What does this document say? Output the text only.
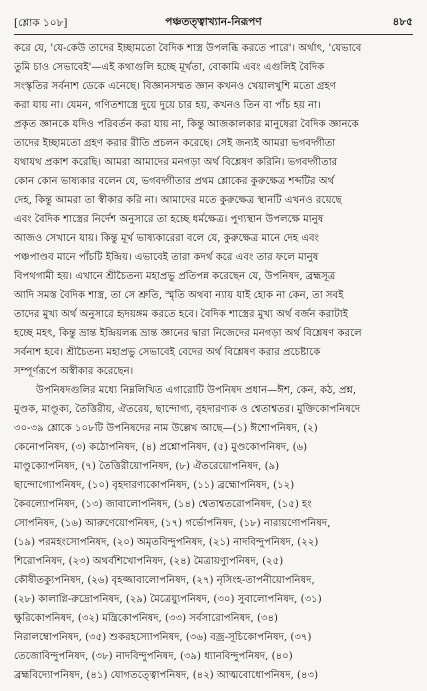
[শ্লোক ১০৮]	পঞ্চতত্ত্বাখ্যান-নিরূপণ	৪৮৫
করে যে, 'যে-কেউ তাদের ইচ্ছামতো বৈদিক শাস্ত্র উপলব্ধি করতে পারে'। অর্থাৎ, 'যেভাবে
তুমি চাও সেভাবেই'—এই কথাগুলি হচ্ছে মূর্খতা, বোকামি এবং এগুলিই বৈদিক
সংস্কৃতির সর্বনাশ ডেকে এনেছে। বিজ্ঞানসম্মত জ্ঞান কখনও খেয়ালখুশি মতো গ্রহণ
করা যায় না। যেমন, গণিতশাস্ত্রে দুয়ে দুয়ে চার হয়, কখনও তিন বা পাঁচ হয় না।
প্রকৃত জ্ঞানকে যদিও পরিবর্তন করা যায় না, কিন্তু আজকালকার মানুষেরা বৈদিক জ্ঞানকে
তাদের ইচ্ছামতো গ্রহণ করার রীতি প্রচলন করেছে। সেই জন্যই আমরা ভগবদ্গীতা
যথাযথ প্রকাশ করেছি। আমরা আমাদের মনগড়া অর্থ বিশ্লেষণ করিনি। ভগবদ্গীতার
কোন কোন ভাষ্যকার বলেন যে, ভগবদ্গীতার প্রথম শ্লোকের কুরুক্ষেত্র শব্দটির অর্থ
দেহ, কিন্তু আমরা তা স্বীকার করি না। আমাদের মতে কুরুক্ষেত্র স্থানটি এখনও রয়েছে
এবং বৈদিক শাস্ত্রের নির্দেশ অনুসারে তা হচ্ছে ধর্মক্ষেত্র। পুণ্যস্থান উপলক্ষে মানুষ
আজও সেখানে যায়। কিন্তু মূর্খ ভাষ্যকারেরা বলে যে, কুরুক্ষেত্র মানে দেহ এবং
পঞ্চপাণ্ডব মানে পাঁচটি ইন্দ্রিয়। এভাবেই তারা কদর্থ করে এবং তার ফলে মানুষ
বিপথগামী হয়। এখানে শ্রীচৈতন্য মহাপ্রভু প্রতিপন্ন করেছেন যে, উপনিষদ, ব্রহ্মসূত্র
আদি সমস্ত বৈদিক শাস্ত্র, তা সে শ্রুতি, স্মৃতি অথবা ন্যায় যাই হোক না কেন, তা সবই
তাদের মুখ্য অর্থ অনুসারে হৃদয়ঙ্গম করতে হবে। বৈদিক শাস্ত্রের মুখ্য অর্থ বর্জন করাটাই
হচ্ছে মহৎ, কিন্তু ভ্রান্ত ইন্দ্রিয়লব্ধ ভ্রান্ত জ্ঞানের দ্বারা নিজেদের মনগড়া অর্থ বিশ্লেষণ করলে
সর্বনাশ হবে। শ্রীচৈতন্য মহাপ্রভু সেভাবেই বেদের অর্থ বিশ্লেষণ করার প্রচেষ্টাকে
সম্পূর্ণরূপে অস্বীকার করেছেন।
উপনিষদগুলির মধ্যে নিম্নলিখিত এগারোটি উপনিষদ প্রধান—ঈশ, কেন, কঠ, প্রশ্ন,
মুণ্ডক, মাণ্ডূক্য, তৈত্তিরীয়, ঐতরেয়, ছান্দোগ্য, বৃহদারণ্যক ও শ্বেতাশ্বতর। মুক্তিকোপনিষদে
৩০-৩৯ শ্লোকে ১০৮টি উপনিষদের নাম উল্লেখ আছে—(১) ঈশোপনিষদ, (২)
কেনোপনিষদ, (৩) কঠোপনিষদ, (৪) প্রশ্নোপনিষদ, (৫) মুণ্ডকোপনিষদ, (৬)
মাণ্ডুক্যোপনিষদ, (৭) তৈত্তিরীয়োপনিষদ, (৮) ঐতরেয়োপনিষদ, (৯)
ছান্দোগ্যোপনিষদ, (১০) বৃহদারণ্যকোপনিষদ, (১১) ব্রহ্মোপনিষদ, (১২)
কৈবল্যোপনিষদ, (১৩) জাবালোপনিষদ, (১৪) শ্বেতাশ্বতরোপনিষদ, (১৫) হং
সোপনিষদ, (১৬) আরুণেয়োপনিষদ, (১৭) গর্ভোপনিষদ, (১৮) নারায়ণোপনিষদ,
(১৯) পরমহংসোপনিষদ, (২০) অমৃতবিন্দুপনিষদ, (২১) নাদবিন্দুপনিষদ, (২২)
শিরোপনিষদ, (২৩) অথর্বশিখোপনিষদ, (২৪) মৈত্রায়ণ্যুপনিষদ, (২৫)
কৌষীতক্যুপনিষদ, (২৬) বৃহজ্জাবালোপনিষদ, (২৭) নৃসিংহ-তাপনীয়োপনিষদ,
(২৮) কালাগ্নি-রুদ্রোপনিষদ, (২৯) মৈত্রেয়্যুপনিষদ, (৩০) সুবালোপনিষদ, (৩১)
ক্ষুরিকোপনিষদ, (৩২) মন্ত্রিকোপনিষদ, (৩৩) সর্বসারোপনিষদ, (৩৪)
নিরালম্বোপনিষদ, (৩৫) শুকরহস্যোপনিষদ, (৩৬) বজ্র-সূচিকোপনিষদ, (৩৭)
তেজোবিন্দুপনিষদ, (৩৮) নাদবিন্দুপনিষদ, (৩৯) ধ্যানবিন্দুপনিষদ, (৪০)
ব্রহ্মবিদ্যোপনিষদ, (৪১) যোগতত্ত্বোপনিষদ, (৪২) আত্মবোধোপনিষদ, (৪৩)
